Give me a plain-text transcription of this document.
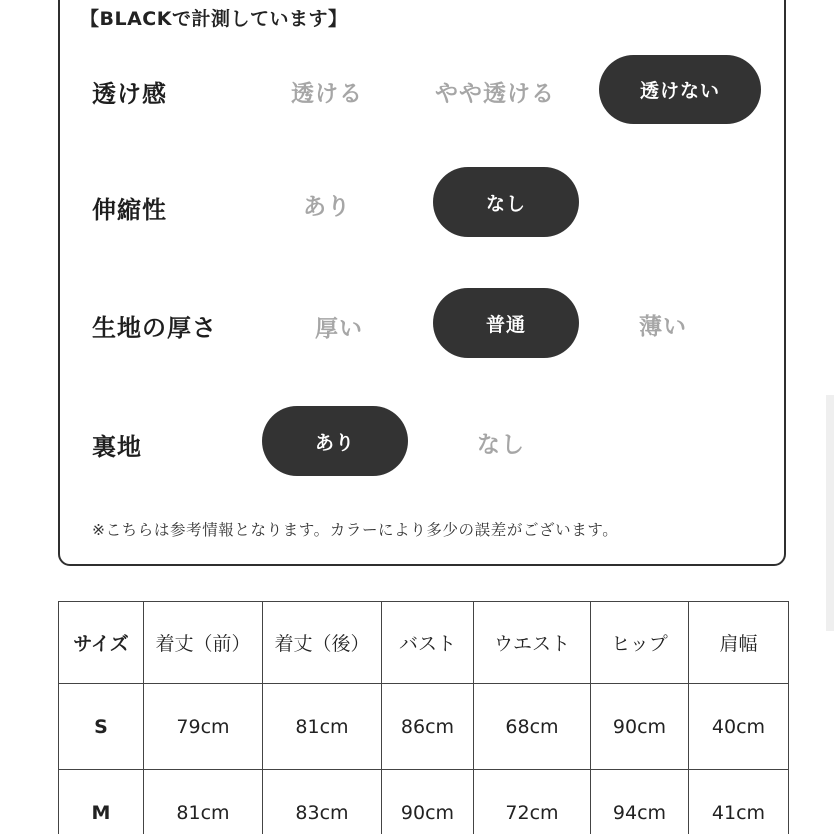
【BLACKで計測しています】
透け感	透ける	やや透ける	透けない
伸縮性	あり	なし
生地の厚さ	厚い	普通	薄い
裏地	あり	なし
※こちらは参考情報となります。カラーにより多少の誤差がございます。
サイズ	着丈（前）	着丈（後）	バスト	ウエスト	ヒップ	肩幅
S	79cm	81cm	86cm	68cm	90cm	40cm
M	81cm	83cm	90cm	72cm	94cm	41cm
